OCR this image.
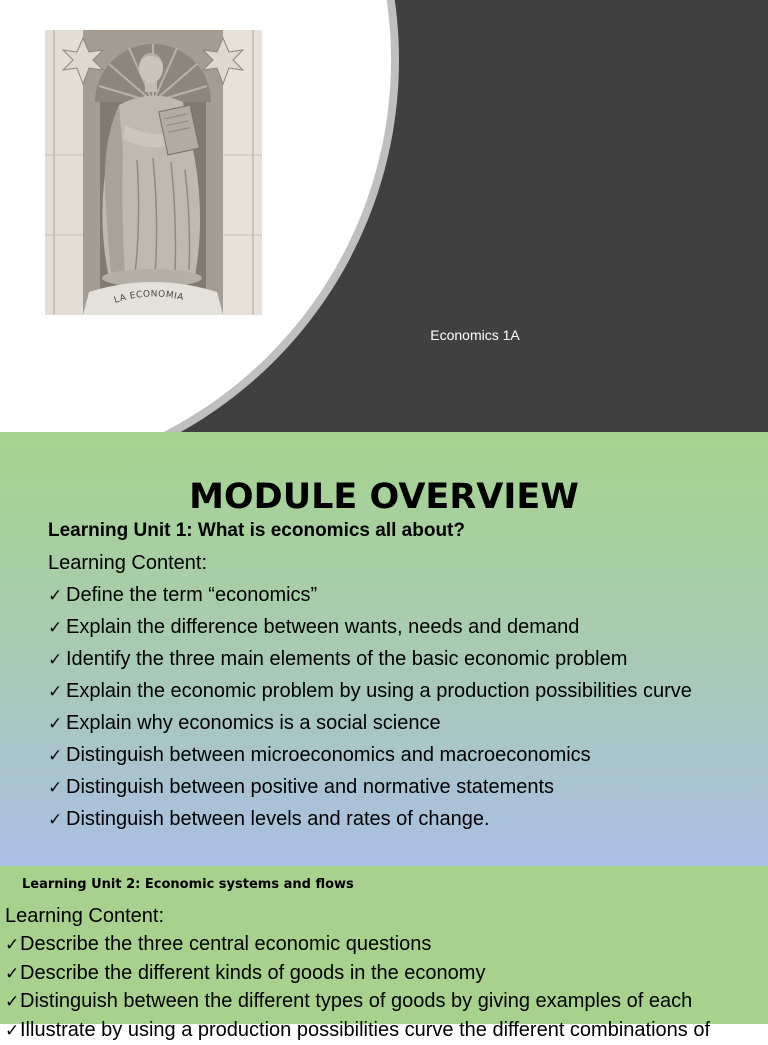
LA ECONOMIA
Economics 1A
MODULE OVERVIEW
Learning Unit 1: What is economics all about?
Learning Content:
✓ Define the term “economics”
✓ Explain the difference between wants, needs and demand
✓ Identify the three main elements of the basic economic problem
✓ Explain the economic problem by using a production possibilities curve
✓ Explain why economics is a social science
✓ Distinguish between microeconomics and macroeconomics
✓ Distinguish between positive and normative statements
✓ Distinguish between levels and rates of change.
Learning Unit 2: Economic systems and flows
Learning Content:
✓Describe the three central economic questions
✓Describe the different kinds of goods in the economy
✓Distinguish between the different types of goods by giving examples of each
✓Illustrate by using a production possibilities curve the different combinations of
